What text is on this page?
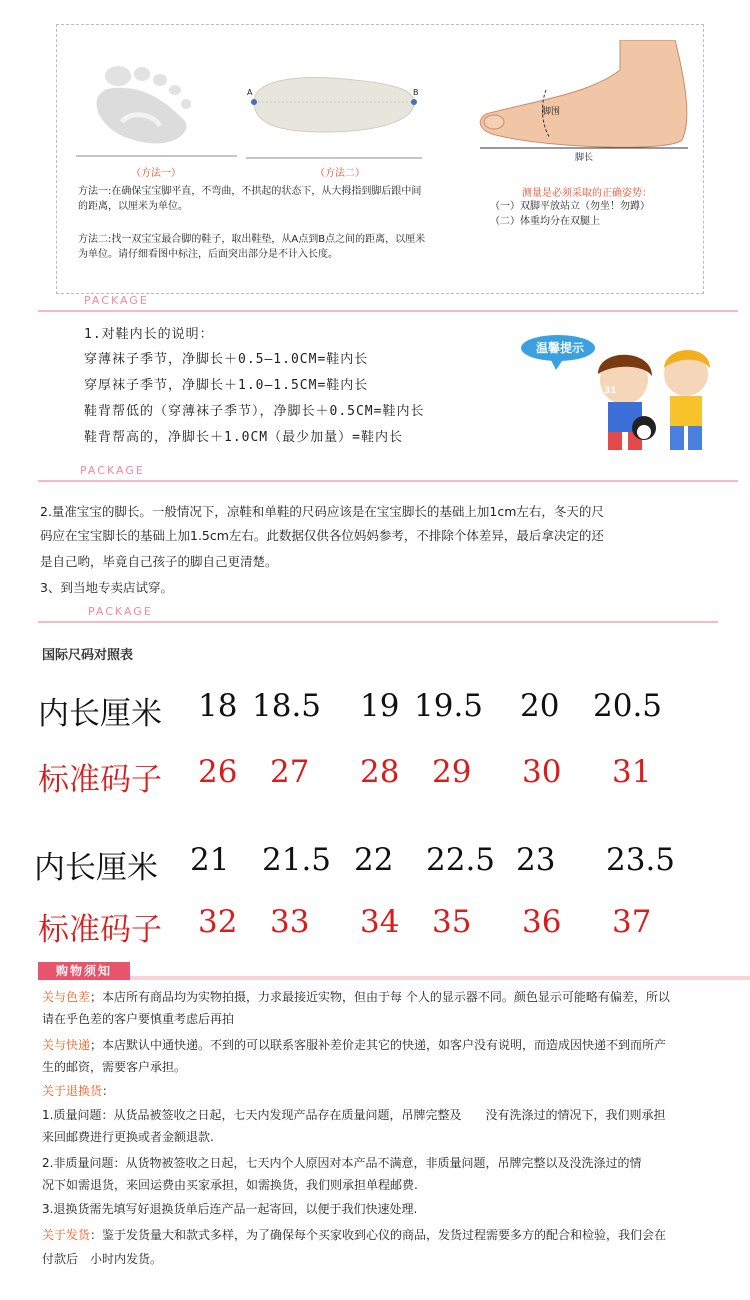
（方法一）
A	B
（方法二）
脚围
脚长
方法一:在确保宝宝脚平直，不弯曲，不拱起的状态下，从大拇指到脚后跟中间的距离，以厘米为单位。
方法二:找一双宝宝最合脚的鞋子，取出鞋垫，从A点到B点之间的距离，以厘米为单位。请仔细看图中标注，后面突出部分是不计入长度。
测量是必须采取的正确姿势：
（一）双脚平放站立（勿坐！勿蹲）
（二）体重均分在双腿上
PACKAGE
1.对鞋内长的说明：
穿薄袜子季节，净脚长＋0.5—1.0CM=鞋内长
穿厚袜子季节，净脚长＋1.0—1.5CM=鞋内长
鞋背帮低的（穿薄袜子季节），净脚长＋0.5CM=鞋内长
鞋背帮高的，净脚长＋1.0CM（最少加量）=鞋内长
温馨提示
31
PACKAGE
2.量准宝宝的脚长。一般情况下，凉鞋和单鞋的尺码应该是在宝宝脚长的基础上加1cm左右，冬天的尺
码应在宝宝脚长的基础上加1.5cm左右。此数据仅供各位妈妈参考，不排除个体差异，最后拿决定的还
是自己哟，毕竟自己孩子的脚自己更清楚。
3、到当地专卖店试穿。
PACKAGE
国际尺码对照表
内长厘米 18 18.5 19 19.5 20 20.5
标准码子 26 27 28 29 30 31
内长厘米 21 21.5 22 22.5 23 23.5
标准码子 32 33 34 35 36 37
购物须知
关与色差；本店所有商品均为实物拍摄，力求最接近实物，但由于每 个人的显示器不同。颜色显示可能略有偏差，所以
请在乎色差的客户要慎重考虑后再拍
关与快递；本店默认中通快递。不到的可以联系客服补差价走其它的快递，如客户没有说明，而造成因快递不到而所产
生的邮资，需要客户承担。
关于退换货：
1.质量问题：从货品被签收之日起，七天内发现产品存在质量问题，吊牌完整及　　没有洗涤过的情况下，我们则承担
来回邮费进行更换或者金额退款.
2.非质量问题：从货物被签收之日起，七天内个人原因对本产品不满意，非质量问题，吊牌完整以及没洗涤过的情
况下如需退货，来回运费由买家承担，如需换货，我们则承担单程邮费.
3.退换货需先填写好退换货单后连产品一起寄回，以便于我们快速处理.
关于发货：鉴于发货量大和款式多样，为了确保每个买家收到心仪的商品，发货过程需要多方的配合和检验，我们会在
付款后　小时内发货。
